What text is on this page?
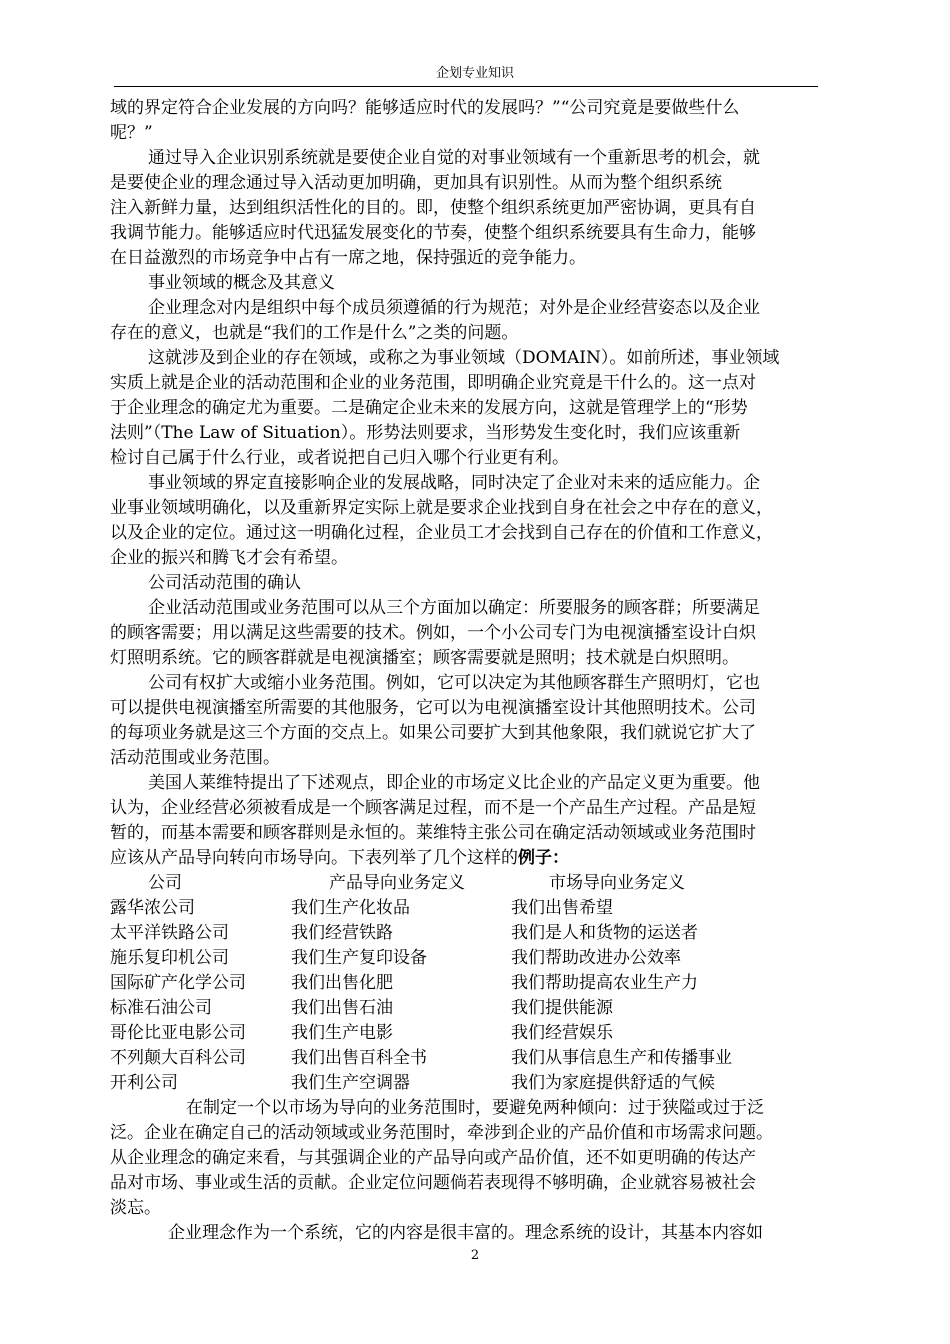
企划专业知识
域的界定符合企业发展的方向吗？能够适应时代的发展吗？”“公司究竟是要做些什么
呢？”
通过导入企业识别系统就是要使企业自觉的对事业领域有一个重新思考的机会，就
是要使企业的理念通过导入活动更加明确，更加具有识别性。从而为整个组织系统
注入新鲜力量，达到组织活性化的目的。即，使整个组织系统更加严密协调，更具有自
我调节能力。能够适应时代迅猛发展变化的节奏，使整个组织系统要具有生命力，能够
在日益激烈的市场竞争中占有一席之地，保持强近的竞争能力。
事业领域的概念及其意义
企业理念对内是组织中每个成员须遵循的行为规范；对外是企业经营姿态以及企业
存在的意义，也就是“我们的工作是什么”之类的问题。
这就涉及到企业的存在领域，或称之为事业领域（DOMAIN）。如前所述，事业领域
实质上就是企业的活动范围和企业的业务范围，即明确企业究竟是干什么的。这一点对
于企业理念的确定尤为重要。二是确定企业未来的发展方向，这就是管理学上的“形势
法则”（The Law of Situation）。形势法则要求，当形势发生变化时，我们应该重新
检讨自己属于什么行业，或者说把自己归入哪个行业更有利。
事业领域的界定直接影响企业的发展战略，同时决定了企业对未来的适应能力。企
业事业领域明确化，以及重新界定实际上就是要求企业找到自身在社会之中存在的意义，
以及企业的定位。通过这一明确化过程，企业员工才会找到自己存在的价值和工作意义，
企业的振兴和腾飞才会有希望。
公司活动范围的确认
企业活动范围或业务范围可以从三个方面加以确定：所要服务的顾客群；所要满足
的顾客需要；用以满足这些需要的技术。例如，一个小公司专门为电视演播室设计白炽
灯照明系统。它的顾客群就是电视演播室；顾客需要就是照明；技术就是白炽照明。
公司有权扩大或缩小业务范围。例如，它可以决定为其他顾客群生产照明灯，它也
可以提供电视演播室所需要的其他服务，它可以为电视演播室设计其他照明技术。公司
的每项业务就是这三个方面的交点上。如果公司要扩大到其他象限，我们就说它扩大了
活动范围或业务范围。
美国人莱维特提出了下述观点，即企业的市场定义比企业的产品定义更为重要。他
认为，企业经营必须被看成是一个顾客满足过程，而不是一个产品生产过程。产品是短
暂的，而基本需要和顾客群则是永恒的。莱维特主张公司在确定活动领域或业务范围时
应该从产品导向转向市场导向。下表列举了几个这样的例子：
公司	产品导向业务定义	市场导向业务定义
露华浓公司	我们生产化妆品	我们出售希望
太平洋铁路公司	我们经营铁路	我们是人和货物的运送者
施乐复印机公司	我们生产复印设备	我们帮助改进办公效率
国际矿产化学公司	我们出售化肥	我们帮助提高农业生产力
标准石油公司	我们出售石油	我们提供能源
哥伦比亚电影公司	我们生产电影	我们经营娱乐
不列颠大百科公司	我们出售百科全书	我们从事信息生产和传播事业
开利公司	我们生产空调器	我们为家庭提供舒适的气候
在制定一个以市场为导向的业务范围时，要避免两种倾向：过于狭隘或过于泛
泛。企业在确定自己的活动领域或业务范围时，牵涉到企业的产品价值和市场需求问题。
从企业理念的确定来看，与其强调企业的产品导向或产品价值，还不如更明确的传达产
品对市场、事业或生活的贡献。企业定位问题倘若表现得不够明确，企业就容易被社会
淡忘。
企业理念作为一个系统，它的内容是很丰富的。理念系统的设计，其基本内容如
2
